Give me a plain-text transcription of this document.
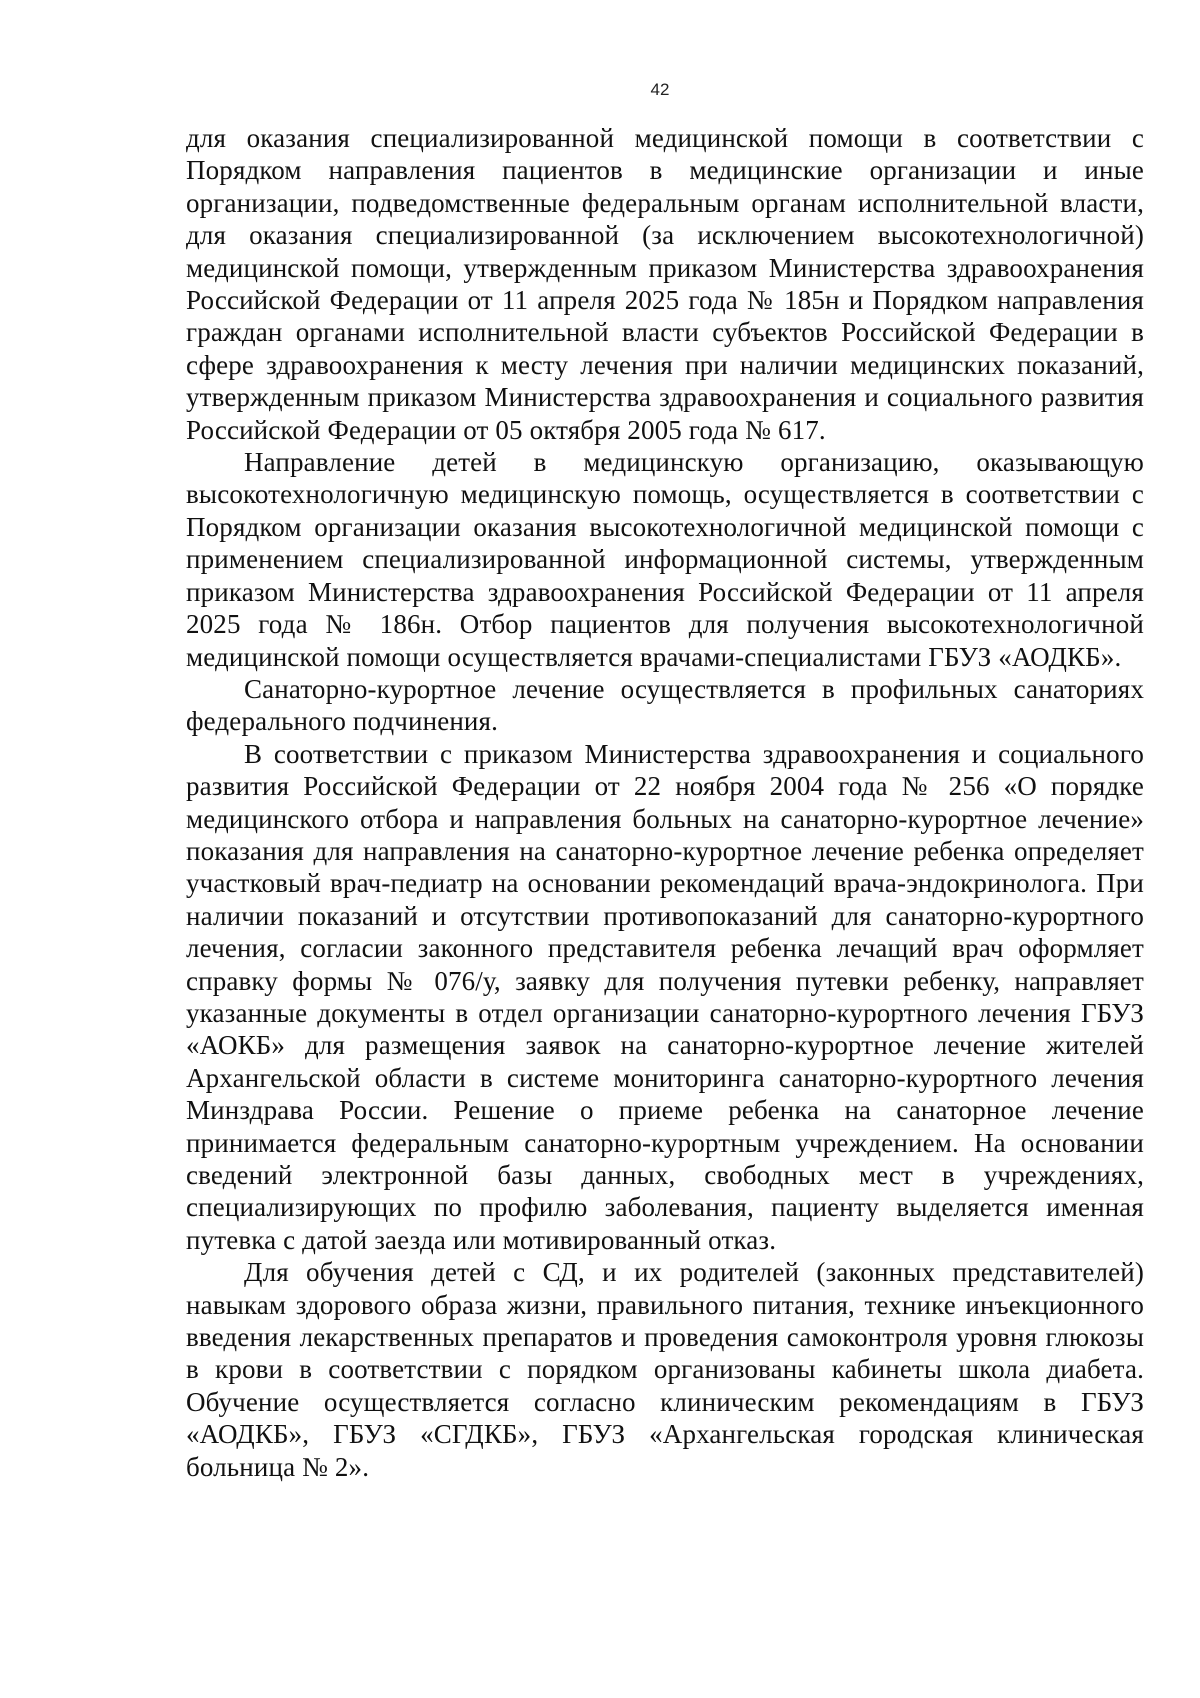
42

для оказания специализированной медицинской помощи в соответствии с Порядком направления пациентов в медицинские организации и иные организации, подведомственные федеральным органам исполнительной власти, для оказания специализированной (за исключением высокотехнологичной) медицинской помощи, утвержденным приказом Министерства здравоохранения Российской Федерации от 11 апреля 2025 года № 185н и Порядком направления граждан органами исполнительной власти субъектов Российской Федерации в сфере здравоохранения к месту лечения при наличии медицинских показаний, утвержденным приказом Министерства здравоохранения и социального развития Российской Федерации от 05 октября 2005 года № 617.

Направление детей в медицинскую организацию, оказывающую высокотехнологичную медицинскую помощь, осуществляется в соответствии с Порядком организации оказания высокотехнологичной медицинской помощи с применением специализированной информационной системы, утвержденным приказом Министерства здравоохранения Российской Федерации от 11 апреля 2025 года № 186н. Отбор пациентов для получения высокотехнологичной медицинской помощи осуществляется врачами-специалистами ГБУЗ «АОДКБ».

Санаторно-курортное лечение осуществляется в профильных санаториях федерального подчинения.

В соответствии с приказом Министерства здравоохранения и социального развития Российской Федерации от 22 ноября 2004 года № 256 «О порядке медицинского отбора и направления больных на санаторно-курортное лечение» показания для направления на санаторно-курортное лечение ребенка определяет участковый врач-педиатр на основании рекомендаций врача-эндокринолога. При наличии показаний и отсутствии противопоказаний для санаторно-курортного лечения, согласии законного представителя ребенка лечащий врач оформляет справку формы № 076/у, заявку для получения путевки ребенку, направляет указанные документы в отдел организации санаторно-курортного лечения ГБУЗ «АОКБ» для размещения заявок на санаторно-курортное лечение жителей Архангельской области в системе мониторинга санаторно-курортного лечения Минздрава России. Решение о приеме ребенка на санаторное лечение принимается федеральным санаторно-курортным учреждением. На основании сведений электронной базы данных, свободных мест в учреждениях, специализирующих по профилю заболевания, пациенту выделяется именная путевка с датой заезда или мотивированный отказ.

Для обучения детей с СД, и их родителей (законных представителей) навыкам здорового образа жизни, правильного питания, технике инъекционного введения лекарственных препаратов и проведения самоконтроля уровня глюкозы в крови в соответствии с порядком организованы кабинеты школа диабета. Обучение осуществляется согласно клиническим рекомендациям в ГБУЗ «АОДКБ», ГБУЗ «СГДКБ», ГБУЗ «Архангельская городская клиническая больница № 2».
